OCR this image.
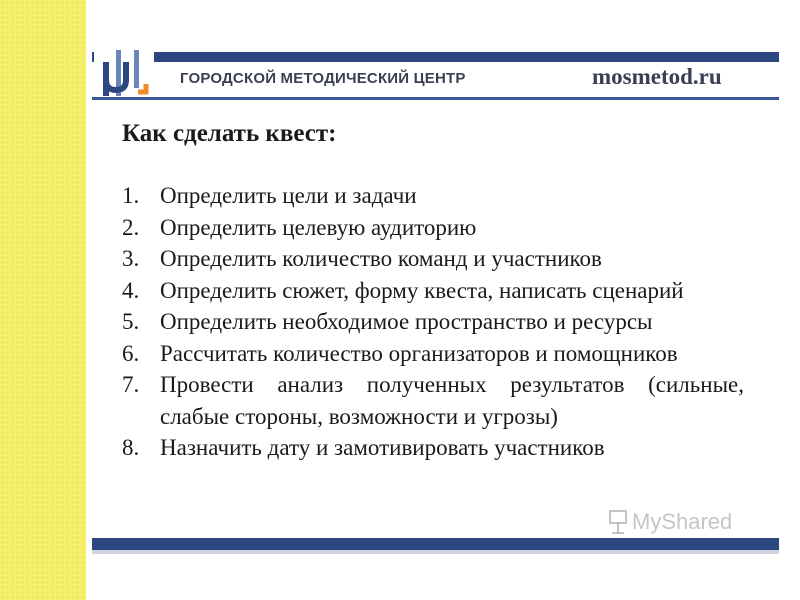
ГОРОДСКОЙ МЕТОДИЧЕСКИЙ ЦЕНТР	mosmetod.ru
Как сделать квест:
1. Определить цели и задачи
2. Определить целевую аудиторию
3. Определить количество команд и участников
4. Определить сюжет, форму квеста, написать сценарий
5. Определить необходимое пространство и ресурсы
6. Рассчитать количество организаторов и помощников
7. Провести анализ полученных результатов (сильные, слабые стороны, возможности и угрозы)
8. Назначить дату и замотивировать участников
MyShared
